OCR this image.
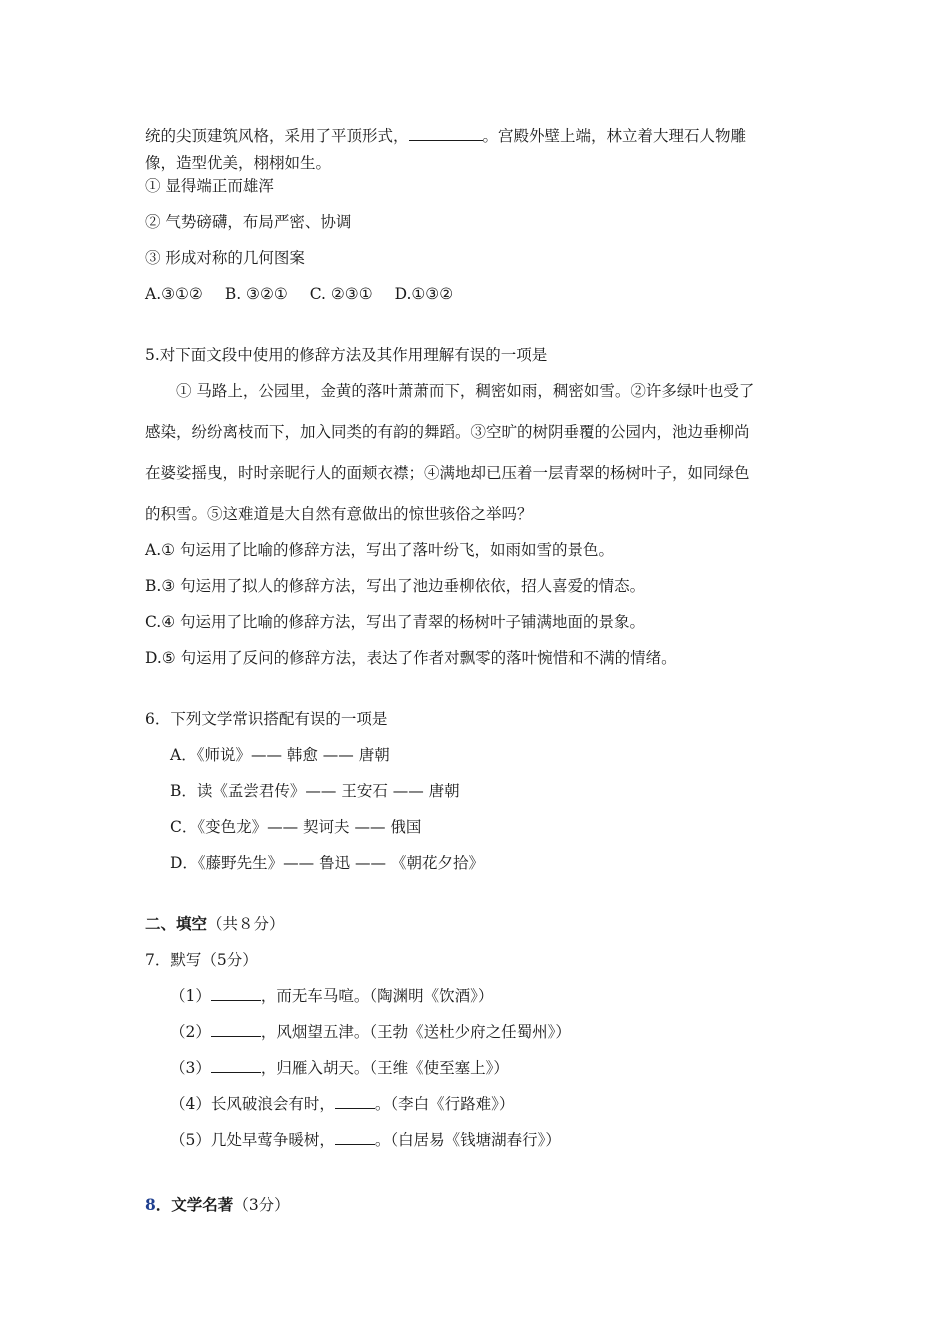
统的尖顶建筑风格，采用了平顶形式，	。宫殿外壁上端，林立着大理石人物雕
像，造型优美，栩栩如生。
① 显得端正而雄浑
② 气势磅礴，布局严密、协调
③ 形成对称的几何图案
A.③①② B. ③②① C. ②③① D.①③②
5.对下面文段中使用的修辞方法及其作用理解有误的一项是
① 马路上，公园里，金黄的落叶萧萧而下，稠密如雨，稠密如雪。②许多绿叶也受了
感染，纷纷离枝而下，加入同类的有韵的舞蹈。③空旷的树阴垂覆的公园内，池边垂柳尚
在婆娑摇曳，时时亲昵行人的面颊衣襟；④满地却已压着一层青翠的杨树叶子，如同绿色
的积雪。⑤这难道是大自然有意做出的惊世骇俗之举吗？
A.① 句运用了比喻的修辞方法，写出了落叶纷飞，如雨如雪的景色。
B.③ 句运用了拟人的修辞方法，写出了池边垂柳依依，招人喜爱的情态。
C.④ 句运用了比喻的修辞方法，写出了青翠的杨树叶子铺满地面的景象。
D.⑤ 句运用了反问的修辞方法，表达了作者对飘零的落叶惋惜和不满的情绪。
6．下列文学常识搭配有误的一项是
A．《师说》—— 韩愈 —— 唐朝
B．读《孟尝君传》—— 王安石 —— 唐朝
C．《变色龙》—— 契诃夫 —— 俄国
D．《藤野先生》—— 鲁迅 —— 《朝花夕拾》
二、填空（共８分）
7．默写（5分）
（1）	，而无车马喧。（陶渊明《饮酒》）
（2）	，风烟望五津。（王勃《送杜少府之任蜀州》）
（3）	，归雁入胡天。（王维《使至塞上》）
（4）长风破浪会有时，	。（李白《行路难》）
（5）几处早莺争暖树，	。（白居易《钱塘湖春行》）
8．文学名著（3分）
